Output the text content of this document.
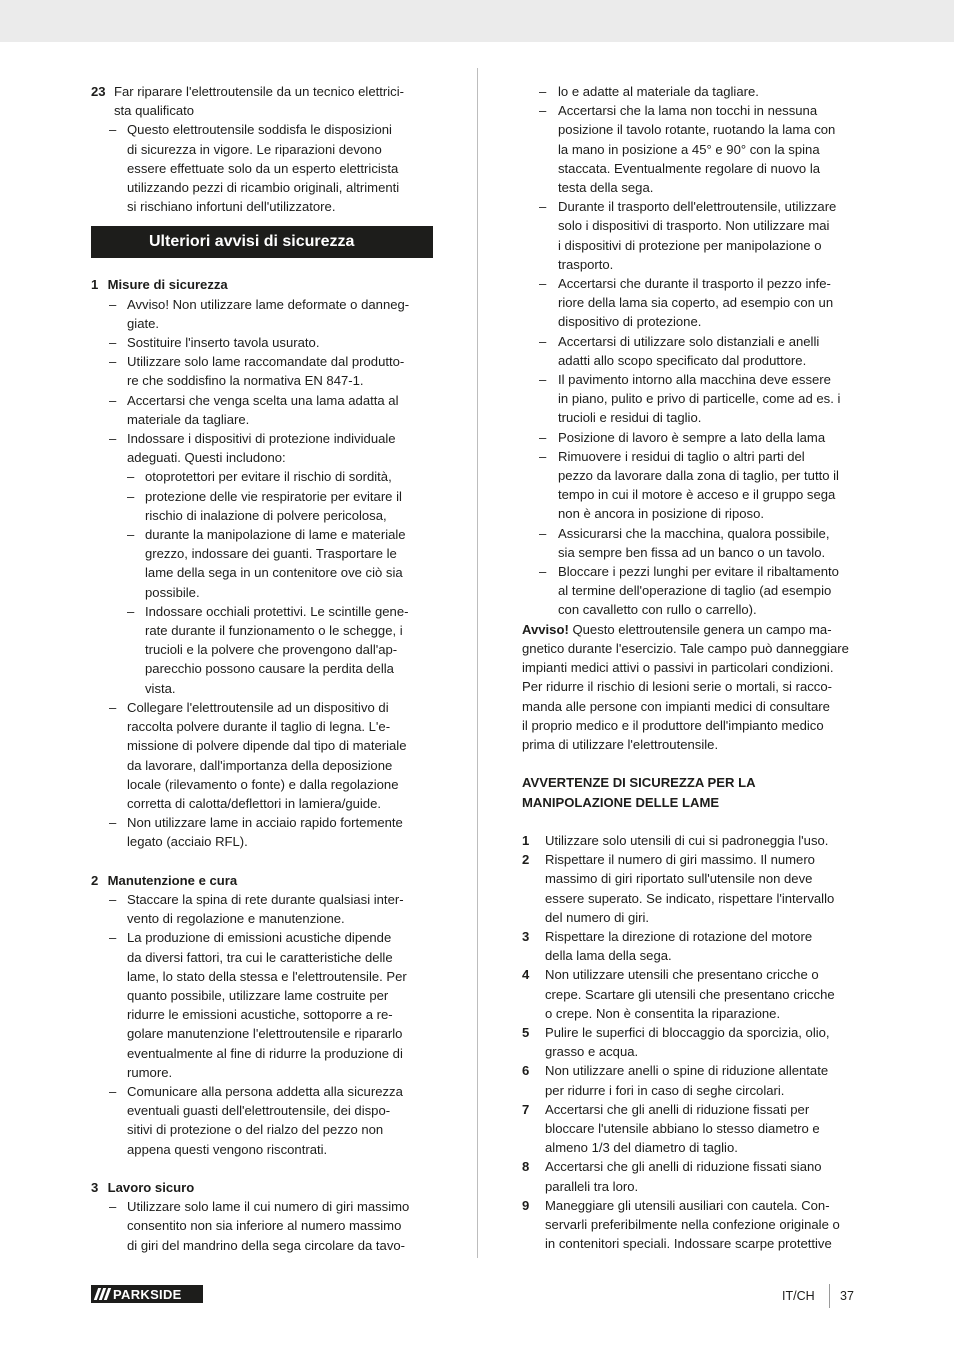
23 Far riparare l'elettroutensile da un tecnico elettrici-
sta qualificato
– Questo elettroutensile soddisfa le disposizioni
di sicurezza in vigore. Le riparazioni devono
essere effettuate solo da un esperto elettricista
utilizzando pezzi di ricambio originali, altrimenti
si rischiano infortuni dell'utilizzatore.
Ulteriori avvisi di sicurezza
1 Misure di sicurezza
– Avviso! Non utilizzare lame deformate o danneg-
giate.
– Sostituire l'inserto tavola usurato.
– Utilizzare solo lame raccomandate dal produtto-
re che soddisfino la normativa EN 847-1.
– Accertarsi che venga scelta una lama adatta al
materiale da tagliare.
– Indossare i dispositivi di protezione individuale
adeguati. Questi includono:
– otoprotettori per evitare il rischio di sordità,
– protezione delle vie respiratorie per evitare il
rischio di inalazione di polvere pericolosa,
– durante la manipolazione di lame e materiale
grezzo, indossare dei guanti. Trasportare le
lame della sega in un contenitore ove ciò sia
possibile.
– Indossare occhiali protettivi. Le scintille gene-
rate durante il funzionamento o le schegge, i
trucioli e la polvere che provengono dall'ap-
parecchio possono causare la perdita della
vista.
– Collegare l'elettroutensile ad un dispositivo di
raccolta polvere durante il taglio di legna. L'e-
missione di polvere dipende dal tipo di materiale
da lavorare, dall'importanza della deposizione
locale (rilevamento o fonte) e dalla regolazione
corretta di calotta/deflettori in lamiera/guide.
– Non utilizzare lame in acciaio rapido fortemente
legato (acciaio RFL).
2 Manutenzione e cura
– Staccare la spina di rete durante qualsiasi inter-
vento di regolazione e manutenzione.
– La produzione di emissioni acustiche dipende
da diversi fattori, tra cui le caratteristiche delle
lame, lo stato della stessa e l'elettroutensile. Per
quanto possibile, utilizzare lame costruite per
ridurre le emissioni acustiche, sottoporre a re-
golare manutenzione l'elettroutensile e ripararlo
eventualmente al fine di ridurre la produzione di
rumore.
– Comunicare alla persona addetta alla sicurezza
eventuali guasti dell'elettroutensile, dei dispo-
sitivi di protezione o del rialzo del pezzo non
appena questi vengono riscontrati.
3 Lavoro sicuro
– Utilizzare solo lame il cui numero di giri massimo
consentito non sia inferiore al numero massimo
di giri del mandrino della sega circolare da tavo-
– lo e adatte al materiale da tagliare.
– Accertarsi che la lama non tocchi in nessuna
posizione il tavolo rotante, ruotando la lama con
la mano in posizione a 45° e 90° con la spina
staccata. Eventualmente regolare di nuovo la
testa della sega.
– Durante il trasporto dell'elettroutensile, utilizzare
solo i dispositivi di trasporto. Non utilizzare mai
i dispositivi di protezione per manipolazione o
trasporto.
– Accertarsi che durante il trasporto il pezzo infe-
riore della lama sia coperto, ad esempio con un
dispositivo di protezione.
– Accertarsi di utilizzare solo distanziali e anelli
adatti allo scopo specificato dal produttore.
– Il pavimento intorno alla macchina deve essere
in piano, pulito e privo di particelle, come ad es. i
trucioli e residui di taglio.
– Posizione di lavoro è sempre a lato della lama
– Rimuovere i residui di taglio o altri parti del
pezzo da lavorare dalla zona di taglio, per tutto il
tempo in cui il motore è acceso e il gruppo sega
non è ancora in posizione di riposo.
– Assicurarsi che la macchina, qualora possibile,
sia sempre ben fissa ad un banco o un tavolo.
– Bloccare i pezzi lunghi per evitare il ribaltamento
al termine dell'operazione di taglio (ad esempio
con cavalletto con rullo o carrello).
Avviso! Questo elettroutensile genera un campo ma-
gnetico durante l'esercizio. Tale campo può danneggiare
impianti medici attivi o passivi in particolari condizioni.
Per ridurre il rischio di lesioni serie o mortali, si racco-
manda alle persone con impianti medici di consultare
il proprio medico e il produttore dell'impianto medico
prima di utilizzare l'elettroutensile.
AVVERTENZE DI SICUREZZA PER LA
MANIPOLAZIONE DELLE LAME
1	Utilizzare solo utensili di cui si padroneggia l'uso.
2	Rispettare il numero di giri massimo. Il numero
massimo di giri riportato sull'utensile non deve
essere superato. Se indicato, rispettare l'intervallo
del numero di giri.
3	Rispettare la direzione di rotazione del motore
della lama della sega.
4	Non utilizzare utensili che presentano cricche o
crepe. Scartare gli utensili che presentano cricche
o crepe. Non è consentita la riparazione.
5	Pulire le superfici di bloccaggio da sporcizia, olio,
grasso e acqua.
6	Non utilizzare anelli o spine di riduzione allentate
per ridurre i fori in caso di seghe circolari.
7	Accertarsi che gli anelli di riduzione fissati per
bloccare l'utensile abbiano lo stesso diametro e
almeno 1/3 del diametro di taglio.
8	Accertarsi che gli anelli di riduzione fissati siano
paralleli tra loro.
9	Maneggiare gli utensili ausiliari con cautela. Con-
servarli preferibilmente nella confezione originale o
in contenitori speciali. Indossare scarpe protettive
PARKSIDE	IT/CH 37
